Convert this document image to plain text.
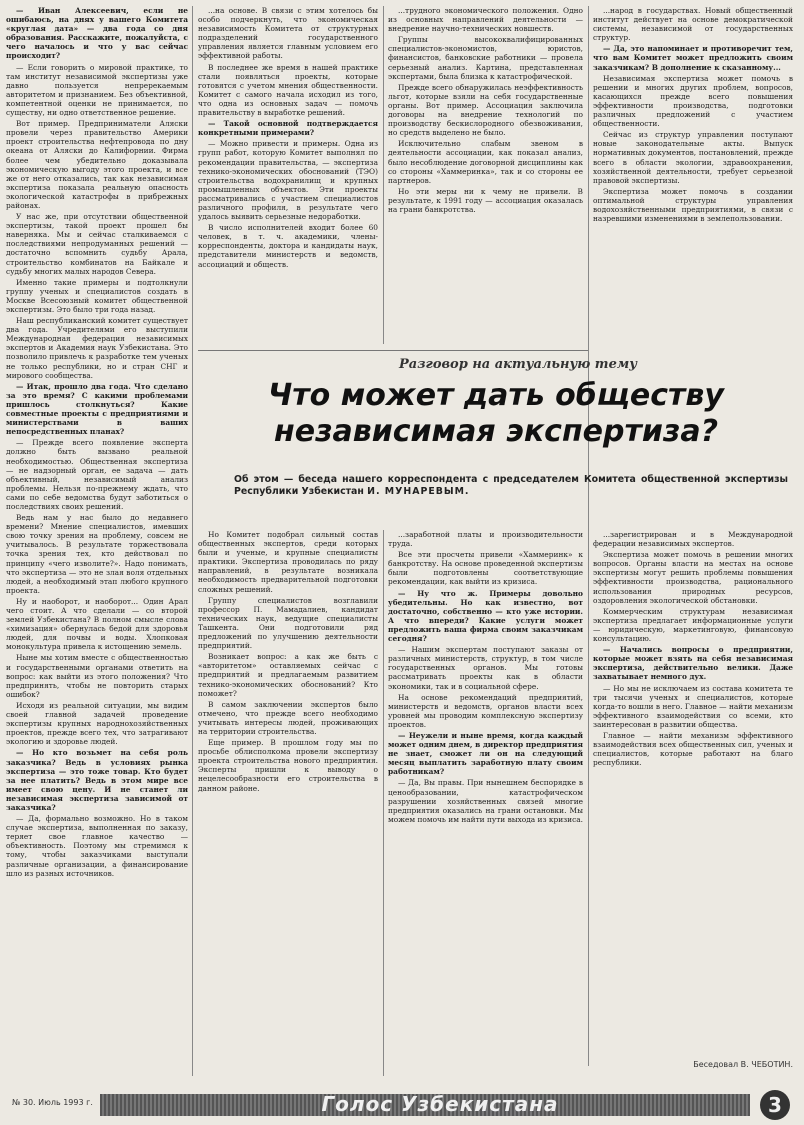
— Иван Алексеевич, если не ошибаюсь, на днях у вашего Комитета «круглая дата» — два года со дня образования. Расскажите, пожалуйста, с чего началось и что у вас сейчас происходит?

— Если говорить о мировой практике, то там институт независимой экспертизы уже давно пользуется непререкаемым авторитетом и признанием. Без объективной, компетентной оценки не принимается, по существу, ни одно ответственное решение.

Вот пример. Предприниматели Аляски провели через правительство Америки проект строительства нефтепровода по дну океана от Аляски до Калифорнии. Фирма более чем убедительно доказывала экономическую выгоду этого проекта, и все же от него отказались, так как независимая экспертиза показала реальную опасность экологической катастрофы в прибрежных районах.

У нас же, при отсутствии общественной экспертизы, такой проект прошел бы наверняка. Мы и сейчас сталкиваемся с последствиями непродуманных решений — достаточно вспомнить судьбу Арала, строительство комбинатов на Байкале и судьбу многих малых народов Севера.

Именно такие примеры и подтолкнули группу ученых и специалистов создать в Москве Всесоюзный комитет общественной экспертизы. Это было три года назад.

Наш республиканский комитет существует два года. Учредителями его выступили Международная федерация независимых экспертов и Академия наук Узбекистана. Это позволило привлечь к разработке тем ученых не только республики, но и стран СНГ и мирового сообщества.

— Итак, прошло два года. Что сделано за это время? С какими проблемами пришлось столкнуться? Какие совместные проекты с предприятиями и министерствами в ваших непосредственных планах?

— Прежде всего появление эксперта должно быть вызвано реальной необходимостью. Общественная экспертиза — не надзорный орган, ее задача — дать объективный, независимый анализ проблемы. Нельзя по-прежнему ждать, что сами по себе ведомства будут заботиться о последствиях своих решений.

Ведь нам у нас было до недавнего времени? Мнение специалистов, имевших свою точку зрения на проблему, совсем не учитывалось. В результате торжествовала точка зрения тех, кто действовал по принципу «чего изволите?». Надо понимать, что экспертиза — это не злая воля отдельных людей, а необходимый этап любого крупного проекта.

Ну и наоборот, и наоборот... Один Арал чего стоит. А что сделали — со второй землей Узбекистана? В полном смысле слова «химизация» обернулась бедой для здоровья людей, для почвы и воды. Хлопковая монокультура привела к истощению земель.

Ныне мы хотим вместе с общественностью и государственными органами ответить на вопрос: как выйти из этого положения? Что предпринять, чтобы не повторить старых ошибок?

Исходя из реальной ситуации, мы видим своей главной задачей проведение экспертизы крупных народнохозяйственных проектов, прежде всего тех, что затрагивают экологию и здоровье людей.

— Но кто возьмет на себя роль заказчика? Ведь в условиях рынка экспертиза — это тоже товар. Кто будет за нее платить? Ведь в этом мире все имеет свою цену. И не станет ли независимая экспертиза зависимой от заказчика?

— Да, формально возможно. Но в таком случае экспертиза, выполненная по заказу, теряет свое главное качество — объективность. Поэтому мы стремимся к тому, чтобы заказчиками выступали различные организации, а финансирование шло из разных источников.

...на основе. В связи с этим хотелось бы особо подчеркнуть, что экономическая независимость Комитета от структурных подразделений государственного управления является главным условием его эффективной работы.

В последнее же время в нашей практике стали появляться проекты, которые готовятся с учетом мнения общественности. Комитет с самого начала исходил из того, что одна из основных задач — помочь правительству в выработке решений.

— Такой основной подтверждается конкретными примерами?

— Можно привести и примеры. Одна из групп работ, которую Комитет выполнял по рекомендации правительства, — экспертиза технико-экономических обоснований (ТЭО) строительства водохранилищ и крупных промышленных объектов. Эти проекты рассматривались с участием специалистов различного профиля, в результате чего удалось выявить серьезные недоработки.

В число исполнителей входит более 60 человек, в т. ч. академики, члены-корреспонденты, доктора и кандидаты наук, представители министерств и ведомств, ассоциаций и обществ.

...трудного экономического положения. Одно из основных направлений деятельности — внедрение научно-технических новшеств.

Группы высококвалифицированных специалистов-экономистов, юристов, финансистов, банковские работники — провела серьезный анализ. Картина, представленная экспертами, была близка к катастрофической.

Прежде всего обнаружилась неэффективность льгот, которые взяли на себя государственные органы. Вот пример. Ассоциация заключила договоры на внедрение технологий по производству бескислородного обезвоживания, но средств выделено не было.

Исключительно слабым звеном в деятельности ассоциации, как показал анализ, было несоблюдение договорной дисциплины как со стороны «Хаммеринка», так и со стороны ее партнеров.

Но эти меры ни к чему не привели. В результате, к 1991 году — ассоциация оказалась на грани банкротства.

...народ в государствах. Новый общественный институт действует на основе демократической системы, независимой от государственных структур.

— Да, это напоминает и противоречит тем, что вам Комитет может предложить своим заказчикам? В дополнение к сказанному...

Независимая экспертиза может помочь в решении и многих других проблем, вопросов, касающихся прежде всего повышения эффективности производства, подготовки различных предложений с участием общественности.

Сейчас из структур управления поступают новые законодательные акты. Выпуск нормативных документов, постановлений, прежде всего в области экологии, здравоохранения, хозяйственной деятельности, требует серьезной правовой экспертизы.

Экспертиза может помочь в создании оптимальной структуры управления водохозяйственными предприятиями, в связи с назревшими изменениями в землепользовании.

Разговор на актуальную тему
Что может дать обществу независимая экспертиза?
Об этом — беседа нашего корреспондента с председателем Комитета общественной экспертизы Республики Узбекистан И. МУНАРЕВЫМ.

Но Комитет подобрал сильный состав общественных экспертов, среди которых были и ученые, и крупные специалисты практики. Экспертиза проводилась по ряду направлений, в результате возникала необходимость предварительной подготовки сложных решений.

Группу специалистов возглавили профессор П. Мамадалиев, кандидат технических наук, ведущие специалисты Ташкента. Они подготовили ряд предложений по улучшению деятельности предприятий.

Возникает вопрос: а как же быть с «авторитетом» оставляемых сейчас с предприятий и предлагаемым развитием технико-экономических обоснований? Кто поможет?

В самом заключении экспертов было отмечено, что прежде всего необходимо учитывать интересы людей, проживающих на территории строительства.

Еще пример. В прошлом году мы по просьбе облисполкома провели экспертизу проекта строительства нового предприятия. Эксперты пришли к выводу о нецелесообразности его строительства в данном районе.

...заработной платы и производительности труда.

Все эти просчеты привели «Хаммеринк» к банкротству. На основе проведенной экспертизы были подготовлены соответствующие рекомендации, как выйти из кризиса.

— Ну что ж. Примеры довольно убедительны. Но как известно, вот достаточно, собственно — кто уже истории. А что впереди? Какие услуги может предложить ваша фирма своим заказчикам сегодня?

— Нашим экспертам поступают заказы от различных министерств, структур, в том числе государственных органов. Мы готовы рассматривать проекты как в области экономики, так и в социальной сфере.

На основе рекомендаций предприятий, министерств и ведомств, органов власти всех уровней мы проводим комплексную экспертизу проектов.

— Неужели и ныне время, когда каждый может одним днем, в директор предприятия не знает, сможет ли он на следующий месяц выплатить заработную плату своим работникам?

— Да, Вы правы. При нынешнем беспорядке в ценообразовании, катастрофическом разрушении хозяйственных связей многие предприятия оказались на грани остановки. Мы можем помочь им найти пути выхода из кризиса.

...зарегистрирован и в Международной федерации независимых экспертов.

Экспертиза может помочь в решении многих вопросов. Органы власти на местах на основе экспертизы могут решить проблемы повышения эффективности производства, рационального использования природных ресурсов, оздоровления экологической обстановки.

Коммерческим структурам независимая экспертиза предлагает информационные услуги — юридическую, маркетинговую, финансовую консультацию.

— Начались вопросы о предприятии, которые может взять на себя независимая экспертиза, действительно велики. Даже захватывает немного дух.

— Но мы не исключаем из состава комитета те три тысячи ученых и специалистов, которые когда-то вошли в него. Главное — найти механизм эффективного взаимодействия со всеми, кто заинтересован в развитии общества.

Главное — найти механизм эффективного взаимодействия всех общественных сил, ученых и специалистов, которые работают на благо республики.

Беседовал В. ЧЕБОТИН.
№ 30. Июль 1993 г.	Голос Узбекистана	3
